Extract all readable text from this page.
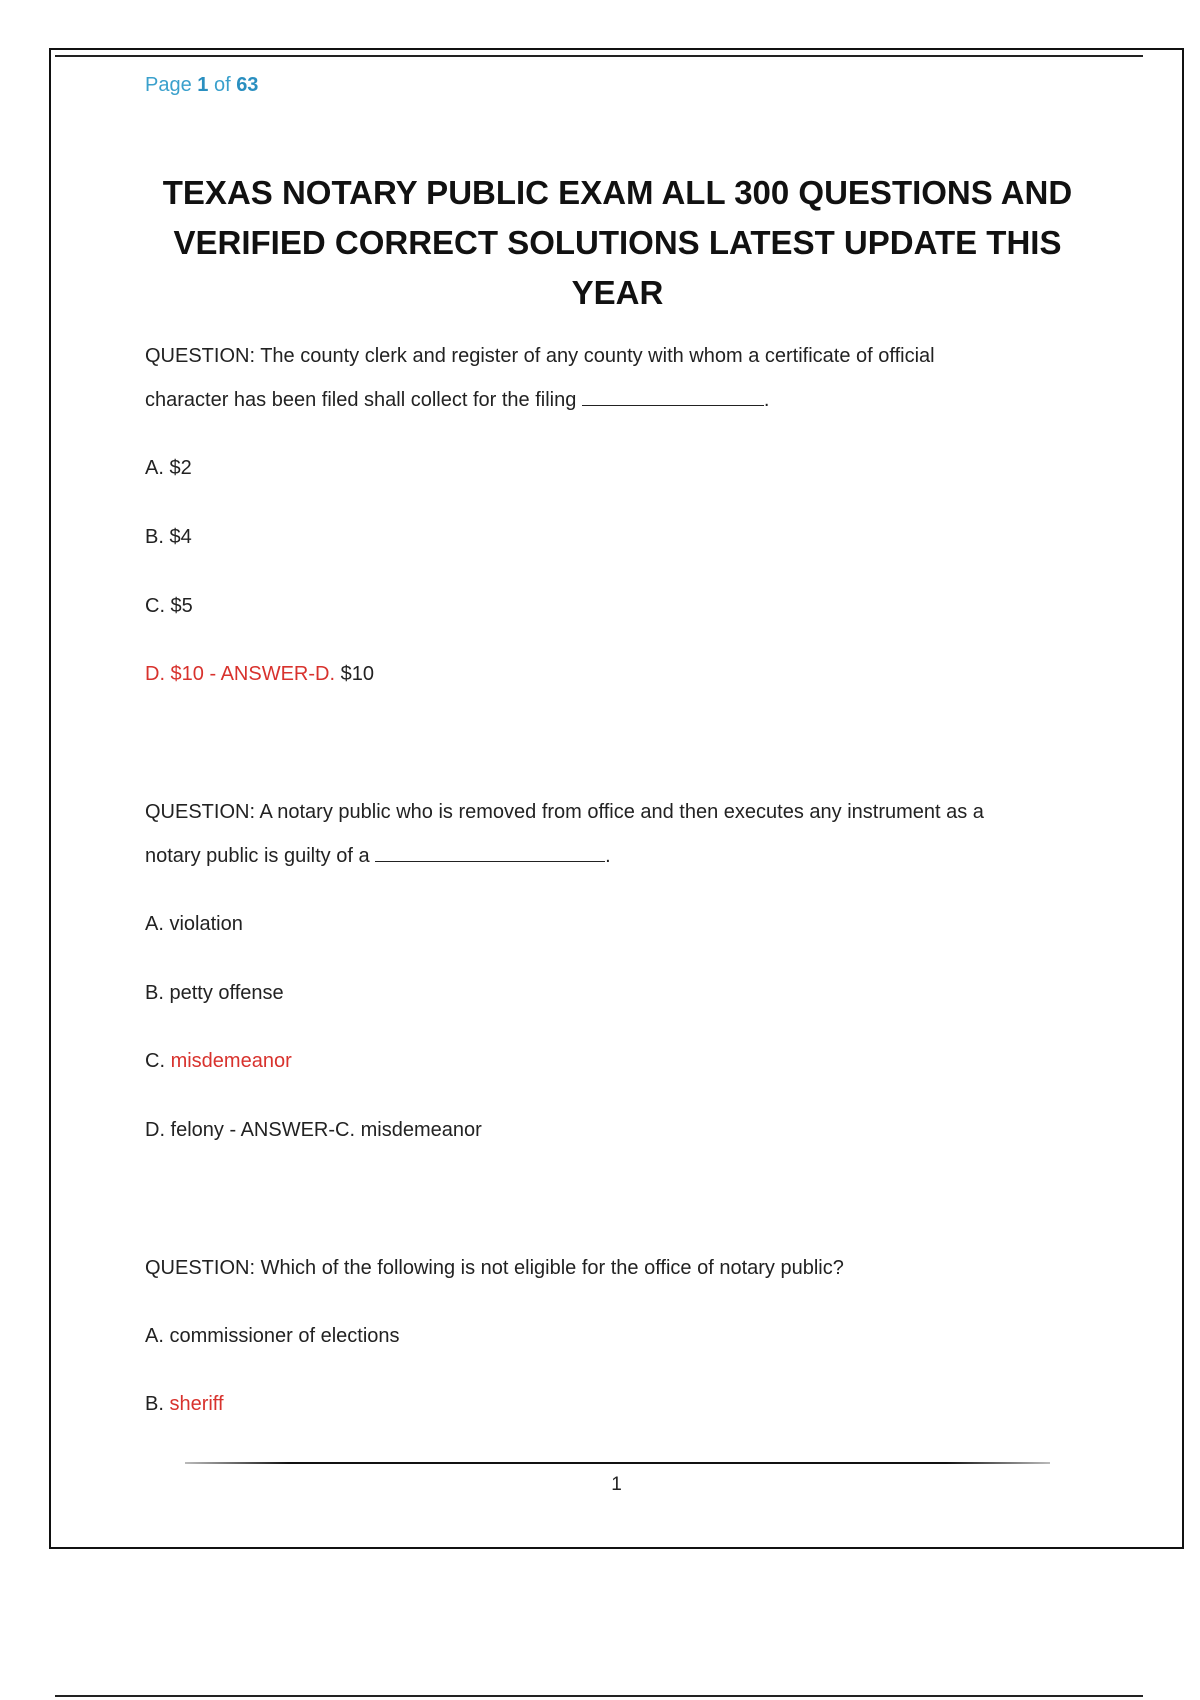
Page 1 of 63
TEXAS NOTARY PUBLIC EXAM ALL 300 QUESTIONS AND
VERIFIED CORRECT SOLUTIONS LATEST UPDATE THIS
YEAR

QUESTION: The county clerk and register of any county with whom a certificate of official

character has been filed shall collect for the filing	.

A. $2
B. $4
C. $5
D. $10 - ANSWER-D. $10

QUESTION: A notary public who is removed from office and then executes any instrument as a

notary public is guilty of a	.

A. violation
B. petty offense
C. misdemeanor
D. felony - ANSWER-C. misdemeanor

QUESTION: Which of the following is not eligible for the office of notary public?

A. commissioner of elections
B. sheriff
1
